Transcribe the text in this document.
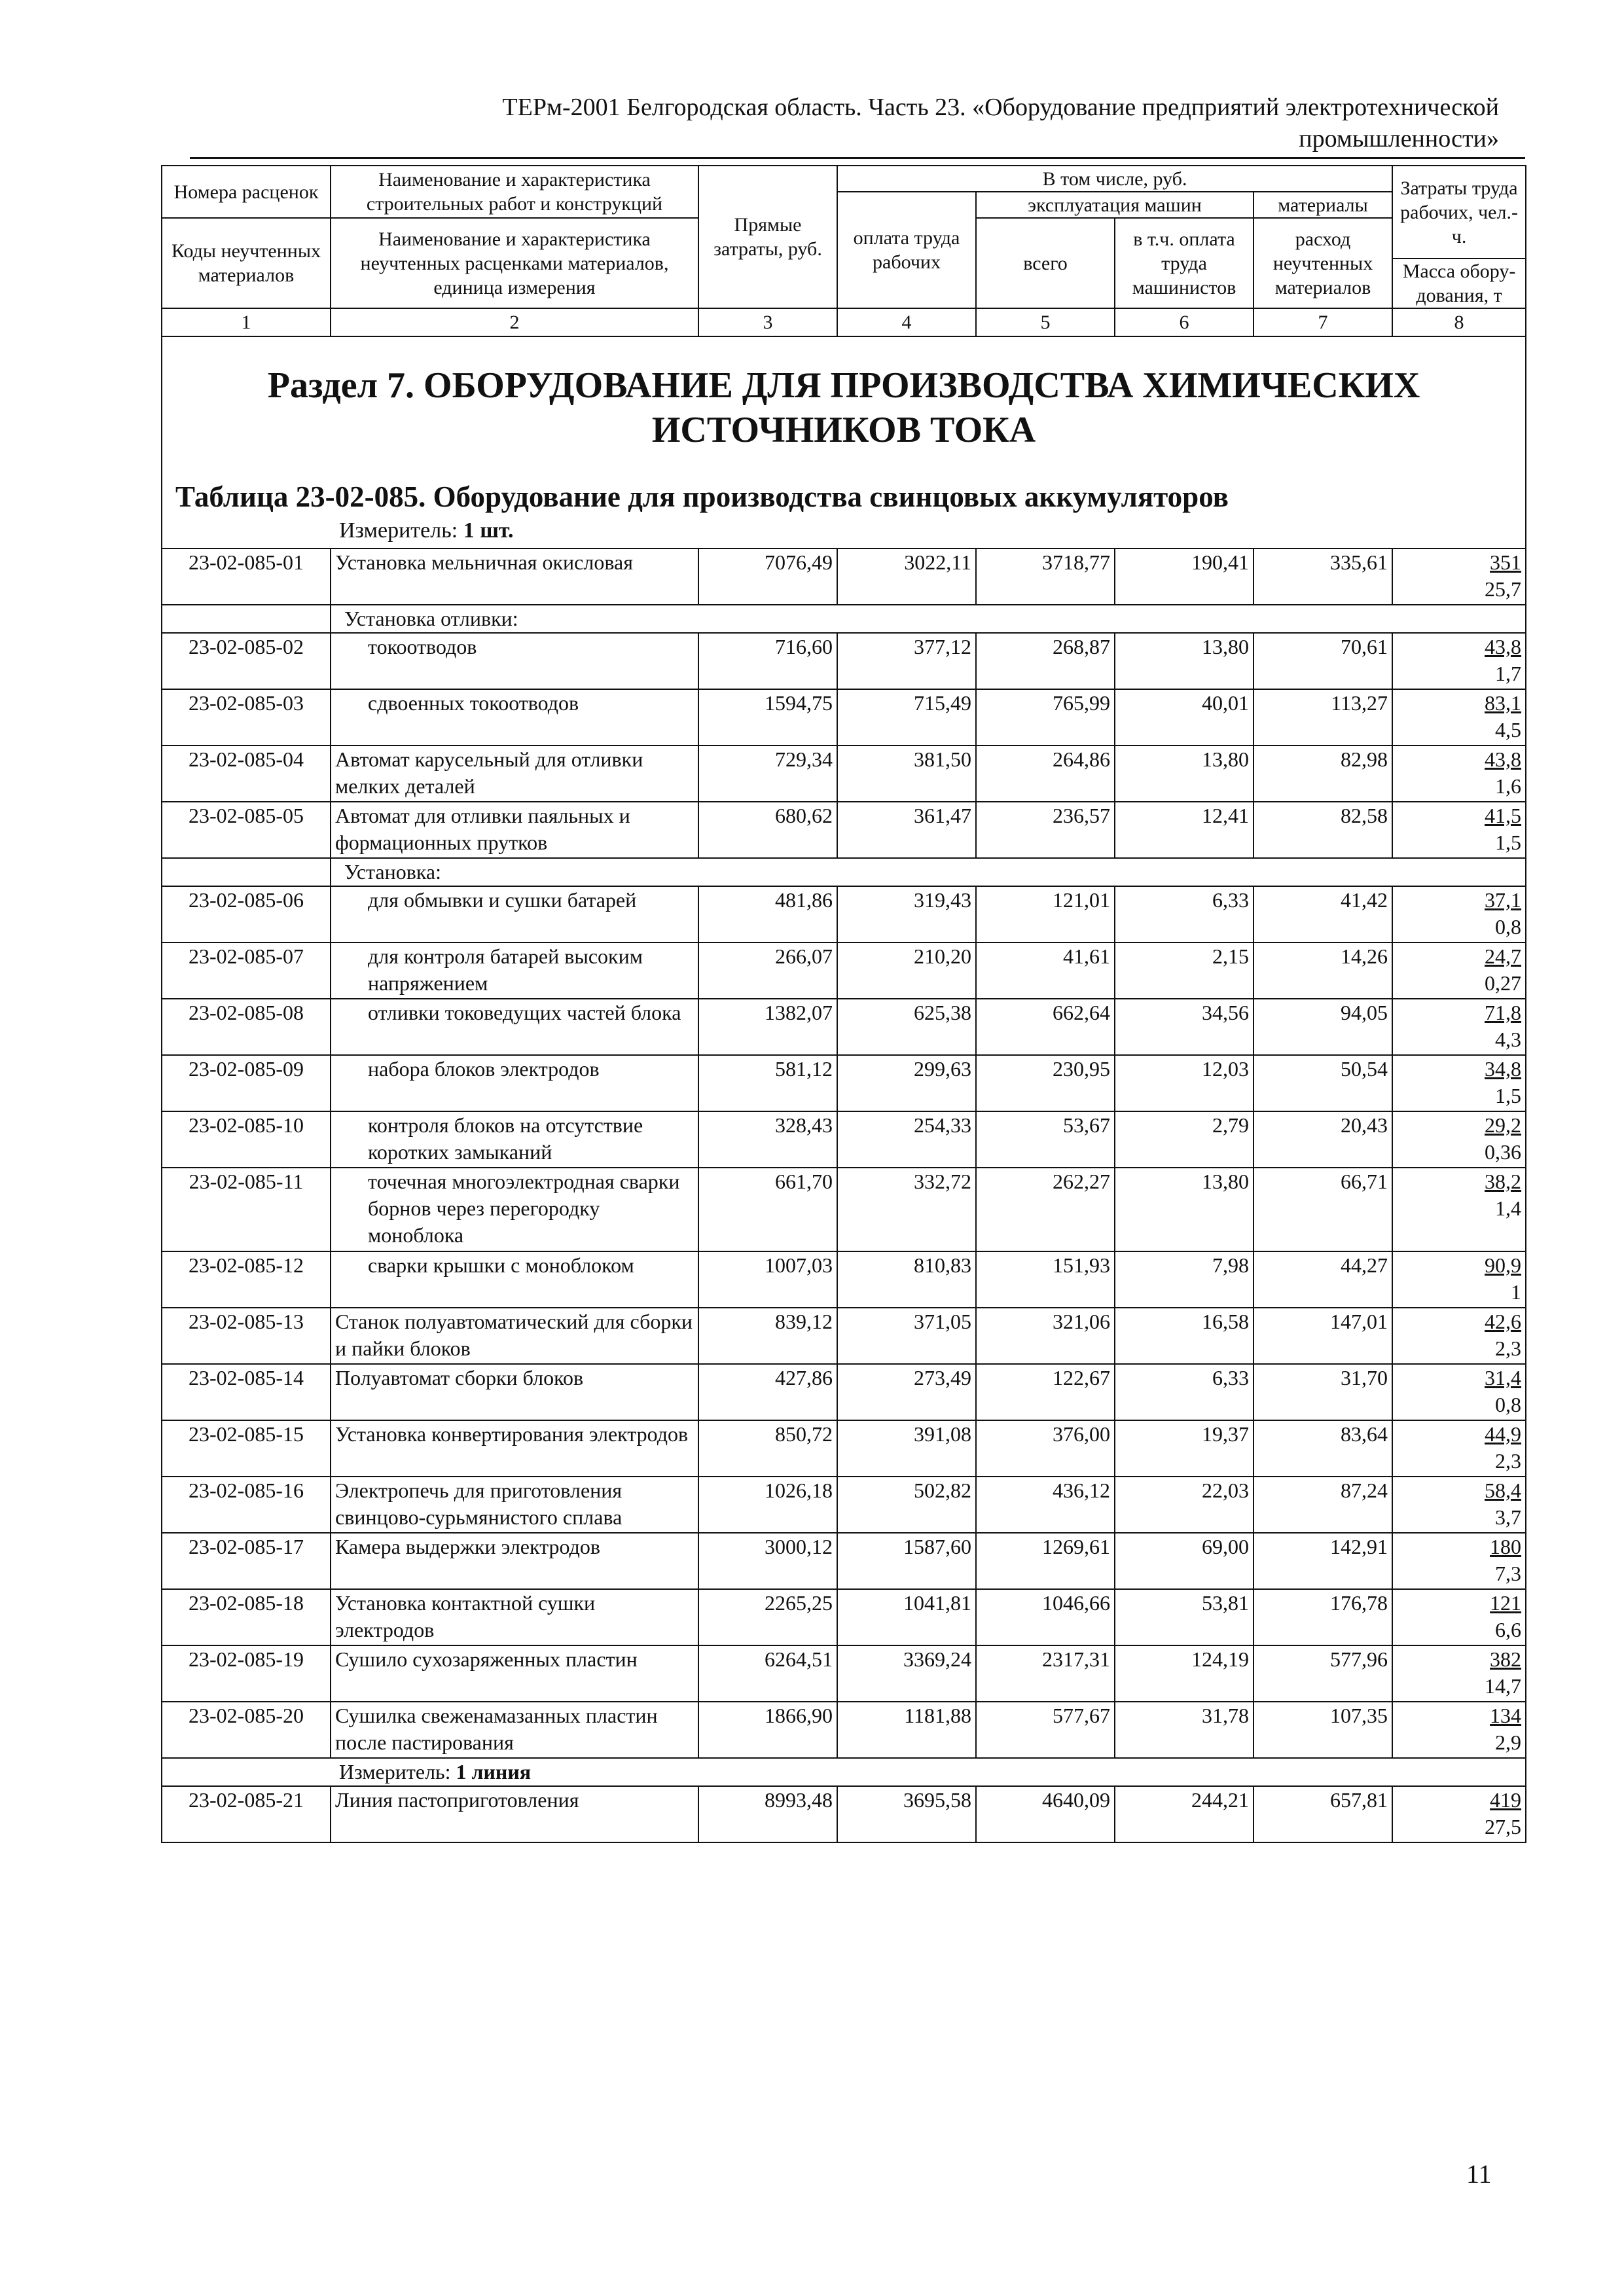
ТЕРм-2001 Белгородская область. Часть 23. «Оборудование предприятий электротехнической
промышленности»
Номера расценок	Наименование и характеристика строительных работ и конструкций	Прямые затраты, руб.	В том числе, руб.				Затраты труда рабочих, чел.-ч.
			оплата труда рабочих	эксплуатация машин		материалы	
Коды неучтенных материалов	Наименование и характеристика неучтенных расценками материалов, единица измерения			всего	в т.ч. оплата труда машинистов	расход неучтенных материалов	
							Масса обору-дования, т
1	2	3	4	5	6	7	8

Раздел 7. ОБОРУДОВАНИЕ ДЛЯ ПРОИЗВОДСТВА ХИМИЧЕСКИХ ИСТОЧНИКОВ ТОКА
Таблица 23-02-085. Оборудование для производства свинцовых аккумуляторов
Измеритель: 1 шт.							

23-02-085-01	Установка мельничная окисловая	7076,49	3022,11	3718,77	190,41	335,61	351
25,7

	Установка отливки:						
23-02-085-02	токоотводов	716,60	377,12	268,87	13,80	70,61	43,8
1,7

23-02-085-03	сдвоенных токоотводов	1594,75	715,49	765,99	40,01	113,27	83,1
4,5

23-02-085-04	Автомат карусельный для отливки мелких деталей	729,34	381,50	264,86	13,80	82,98	43,8
1,6

23-02-085-05	Автомат для отливки паяльных и формационных прутков	680,62	361,47	236,57	12,41	82,58	41,5
1,5

	Установка:						
23-02-085-06	для обмывки и сушки батарей	481,86	319,43	121,01	6,33	41,42	37,1
0,8

23-02-085-07	для контроля батарей высоким напряжением	266,07	210,20	41,61	2,15	14,26	24,7
0,27

23-02-085-08	отливки токоведущих частей блока	1382,07	625,38	662,64	34,56	94,05	71,8
4,3

23-02-085-09	набора блоков электродов	581,12	299,63	230,95	12,03	50,54	34,8
1,5

23-02-085-10	контроля блоков на отсутствие коротких замыканий	328,43	254,33	53,67	2,79	20,43	29,2
0,36

23-02-085-11	точечная многоэлектродная сварки борнов через перегородку моноблока	661,70	332,72	262,27	13,80	66,71	38,2
1,4

23-02-085-12	сварки крышки с моноблоком	1007,03	810,83	151,93	7,98	44,27	90,9
1

23-02-085-13	Станок полуавтоматический для сборки и пайки блоков	839,12	371,05	321,06	16,58	147,01	42,6
2,3

23-02-085-14	Полуавтомат сборки блоков	427,86	273,49	122,67	6,33	31,70	31,4
0,8

23-02-085-15	Установка конвертирования электродов	850,72	391,08	376,00	19,37	83,64	44,9
2,3

23-02-085-16	Электропечь для приготовления свинцово-сурьмянистого сплава	1026,18	502,82	436,12	22,03	87,24	58,4
3,7

23-02-085-17	Камера выдержки электродов	3000,12	1587,60	1269,61	69,00	142,91	180
7,3

23-02-085-18	Установка контактной сушки электродов	2265,25	1041,81	1046,66	53,81	176,78	121
6,6

23-02-085-19	Сушило сухозаряженных пластин	6264,51	3369,24	2317,31	124,19	577,96	382
14,7

23-02-085-20	Сушилка свеженамазанных пластин после пастирования	1866,90	1181,88	577,67	31,78	107,35	134
2,9

Измеритель: 1 линия							
23-02-085-21	Линия пастоприготовления	8993,48	3695,58	4640,09	244,21	657,81	419
27,5
11
